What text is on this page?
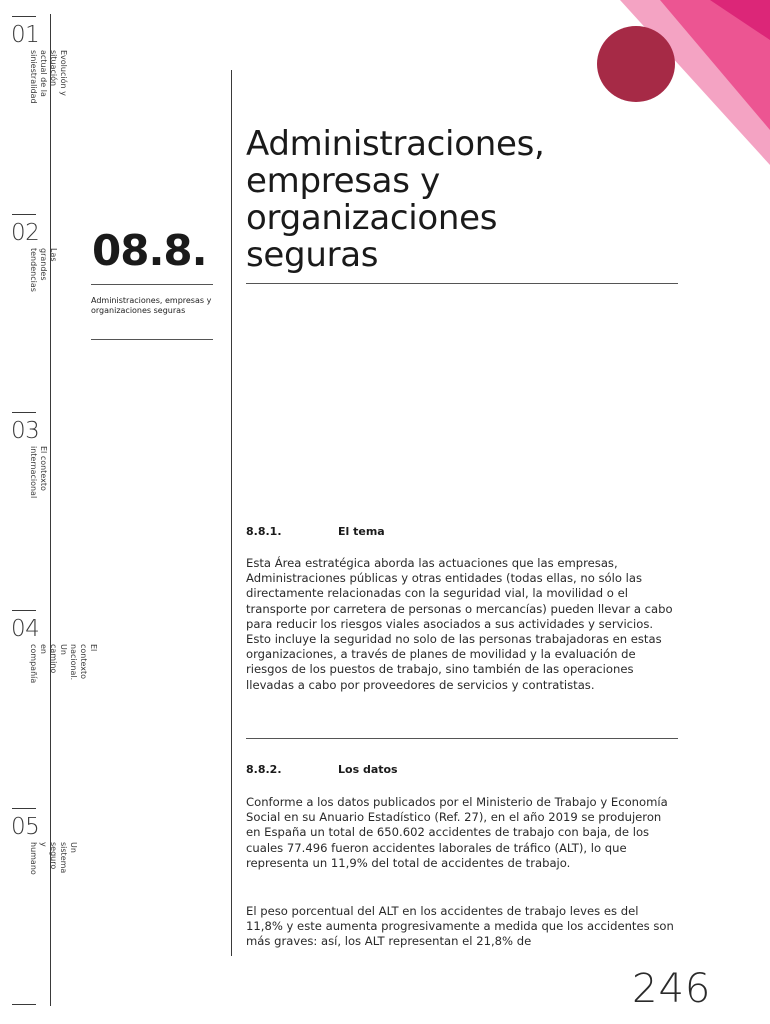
01
Evolución y situación
actual de la siniestralidad
02
Las grandes
tendencias
03
El contexto
internacional
04
El contexto nacional.
Un camino en compañía
05
Un sistema seguro
y humano
08.8.
Administraciones, empresas y organizaciones seguras
Administraciones,
empresas y
organizaciones
seguras
8.8.1.	El tema

Esta Área estratégica aborda las actuaciones que las empresas, Administraciones públicas y otras entidades (todas ellas, no sólo las directamente relacionadas con la seguridad vial, la movilidad o el transporte por carretera de personas o mercancías) pueden llevar a cabo para reducir los riesgos viales asociados a sus actividades y servicios. Esto incluye la seguridad no solo de las personas trabajadoras en estas organizaciones, a través de planes de movilidad y la evaluación de riesgos de los puestos de trabajo, sino también de las operaciones llevadas a cabo por proveedores de servicios y contratistas.

8.8.2.	Los datos

Conforme a los datos publicados por el Ministerio de Trabajo y Economía Social en su Anuario Estadístico (Ref. 27), en el año 2019 se produjeron en España un total de 650.602 accidentes de trabajo con baja, de los cuales 77.496 fueron accidentes laborales de tráfico (ALT), lo que representa un 11,9% del total de accidentes de trabajo.

El peso porcentual del ALT en los accidentes de trabajo leves es del 11,8% y este aumenta progresivamente a medida que los accidentes son más graves: así, los ALT representan el 21,8% de

246
